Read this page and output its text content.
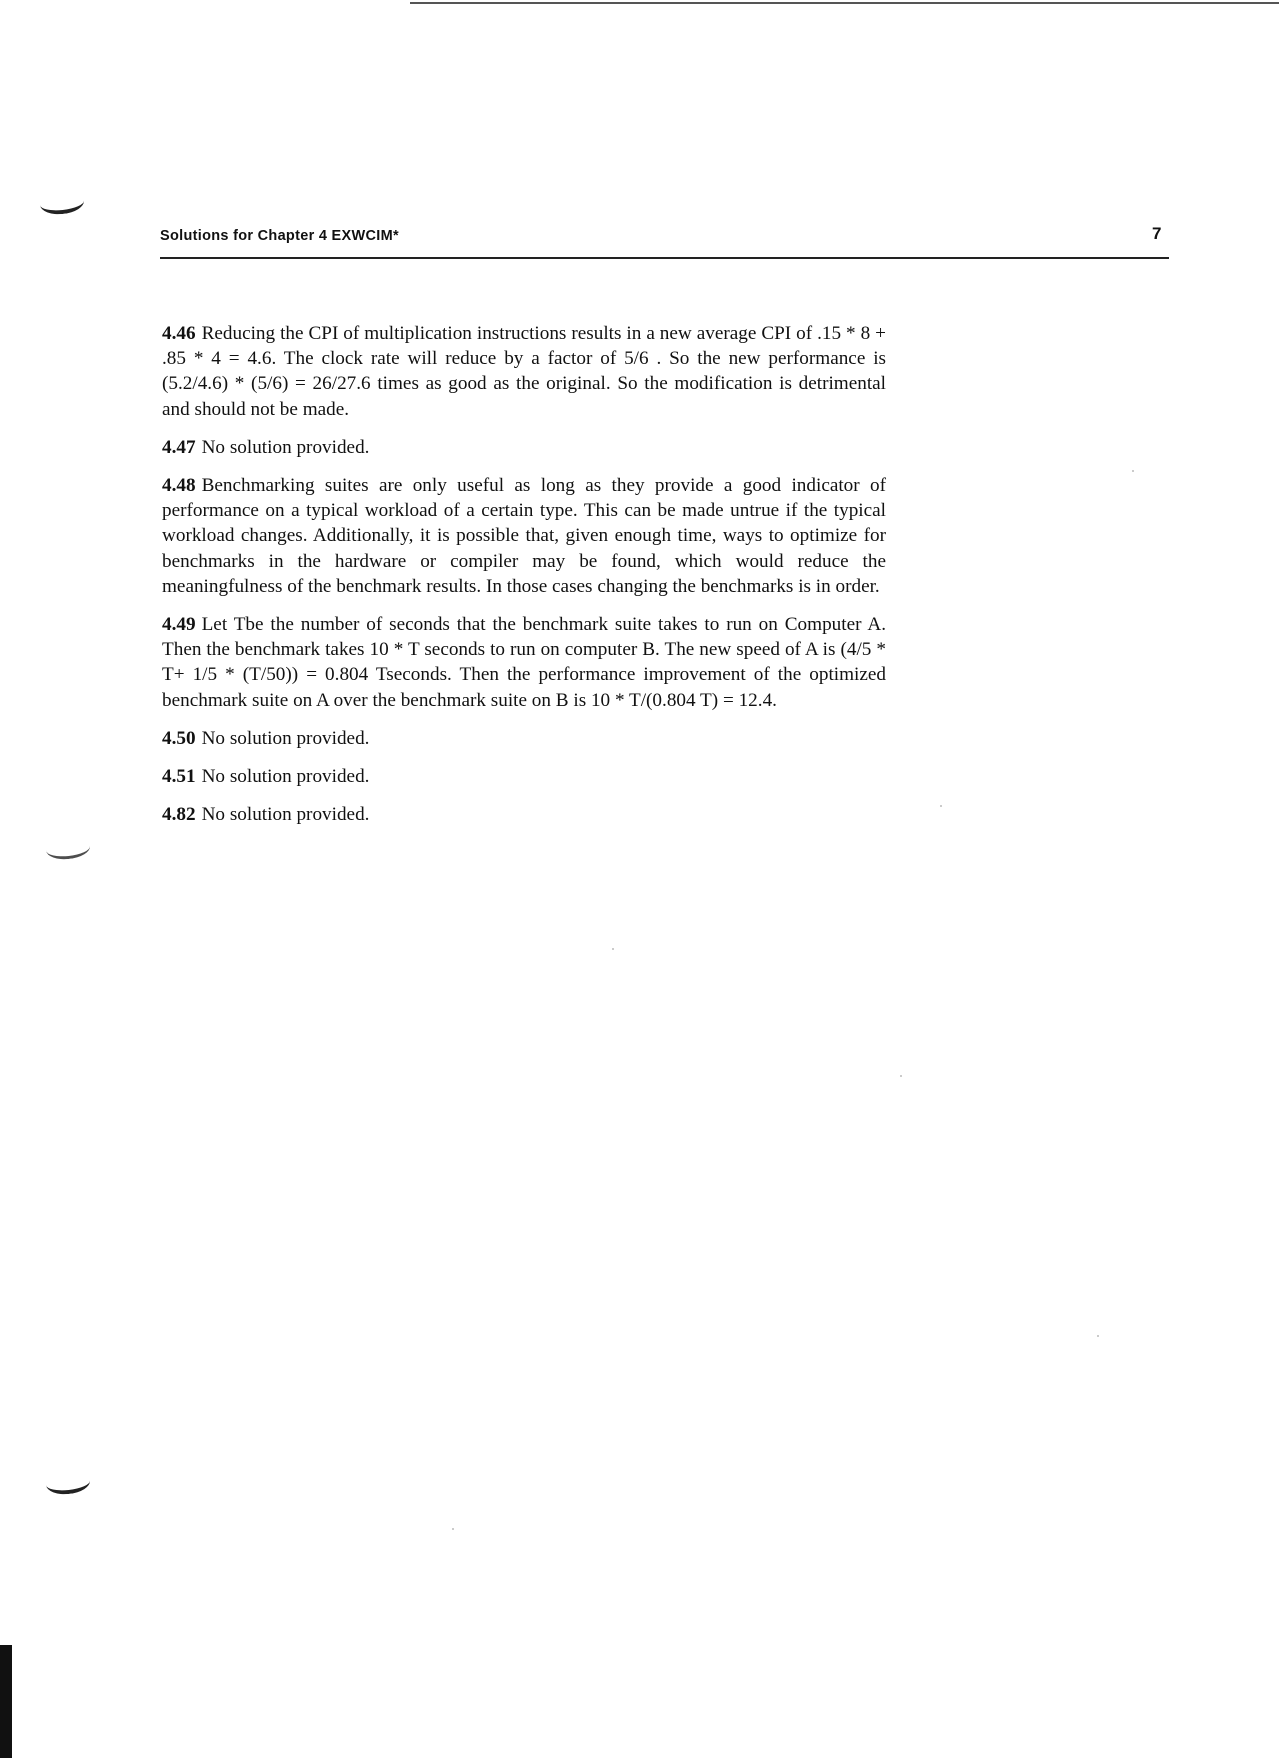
Solutions for Chapter 4 EXWCIM*	7

4.46 Reducing the CPI of multiplication instructions results in a new average CPI of .15 * 8 + .85 * 4 = 4.6. The clock rate will reduce by a factor of 5/6 . So the new performance is (5.2/4.6) * (5/6) = 26/27.6 times as good as the original. So the modification is detrimental and should not be made.

4.47 No solution provided.

4.48 Benchmarking suites are only useful as long as they provide a good indicator of performance on a typical workload of a certain type. This can be made untrue if the typical workload changes. Additionally, it is possible that, given enough time, ways to optimize for benchmarks in the hardware or compiler may be found, which would reduce the meaningfulness of the benchmark results. In those cases changing the benchmarks is in order.

4.49 Let Tbe the number of seconds that the benchmark suite takes to run on Computer A. Then the benchmark takes 10 * T seconds to run on computer B. The new speed of A is (4/5 * T+ 1/5 * (T/50)) = 0.804 Tseconds. Then the performance improvement of the optimized benchmark suite on A over the benchmark suite on B is 10 * T/(0.804 T) = 12.4.

4.50 No solution provided.

4.51 No solution provided.

4.82 No solution provided.
